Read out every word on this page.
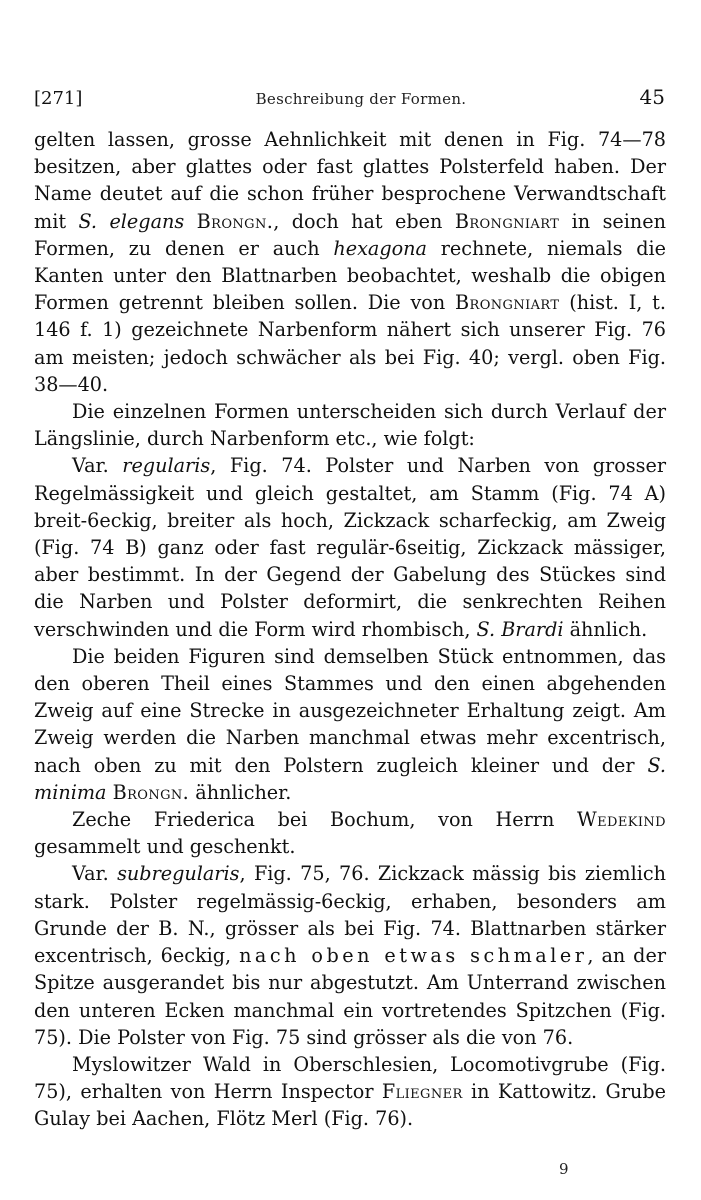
[271]	Beschreibung der Formen.	45

gelten lassen, grosse Aehnlichkeit mit denen in Fig. 74—78 besitzen, aber glattes oder fast glattes Polsterfeld haben. Der Name deutet auf die schon früher besprochene Verwandtschaft mit S. elegans Brongn., doch hat eben Brongniart in seinen Formen, zu denen er auch hexagona rechnete, niemals die Kanten unter den Blattnarben beobachtet, weshalb die obigen Formen getrennt bleiben sollen. Die von Brongniart (hist. I, t. 146 f. 1) gezeichnete Narbenform nähert sich unserer Fig. 76 am meisten; jedoch schwächer als bei Fig. 40; vergl. oben Fig. 38—40.

Die einzelnen Formen unterscheiden sich durch Verlauf der Längslinie, durch Narbenform etc., wie folgt:

Var. regularis, Fig. 74. Polster und Narben von grosser Regelmässigkeit und gleich gestaltet, am Stamm (Fig. 74 A) breit-6eckig, breiter als hoch, Zickzack scharfeckig, am Zweig (Fig. 74 B) ganz oder fast regulär-6seitig, Zickzack mässiger, aber bestimmt. In der Gegend der Gabelung des Stückes sind die Narben und Polster deformirt, die senkrechten Reihen verschwinden und die Form wird rhombisch, S. Brardi ähnlich.

Die beiden Figuren sind demselben Stück entnommen, das den oberen Theil eines Stammes und den einen abgehenden Zweig auf eine Strecke in ausgezeichneter Erhaltung zeigt. Am Zweig werden die Narben manchmal etwas mehr excentrisch, nach oben zu mit den Polstern zugleich kleiner und der S. minima Brongn. ähnlicher.

Zeche Friederica bei Bochum, von Herrn Wedekind gesammelt und geschenkt.

Var. subregularis, Fig. 75, 76. Zickzack mässig bis ziemlich stark. Polster regelmässig-6eckig, erhaben, besonders am Grunde der B. N., grösser als bei Fig. 74. Blattnarben stärker excentrisch, 6eckig, nach oben etwas schmaler, an der Spitze ausgerandet bis nur abgestutzt. Am Unterrand zwischen den unteren Ecken manchmal ein vortretendes Spitzchen (Fig. 75). Die Polster von Fig. 75 sind grösser als die von 76.

Myslowitzer Wald in Oberschlesien, Locomotivgrube (Fig. 75), erhalten von Herrn Inspector Fliegner in Kattowitz. Grube Gulay bei Aachen, Flötz Merl (Fig. 76).

9
